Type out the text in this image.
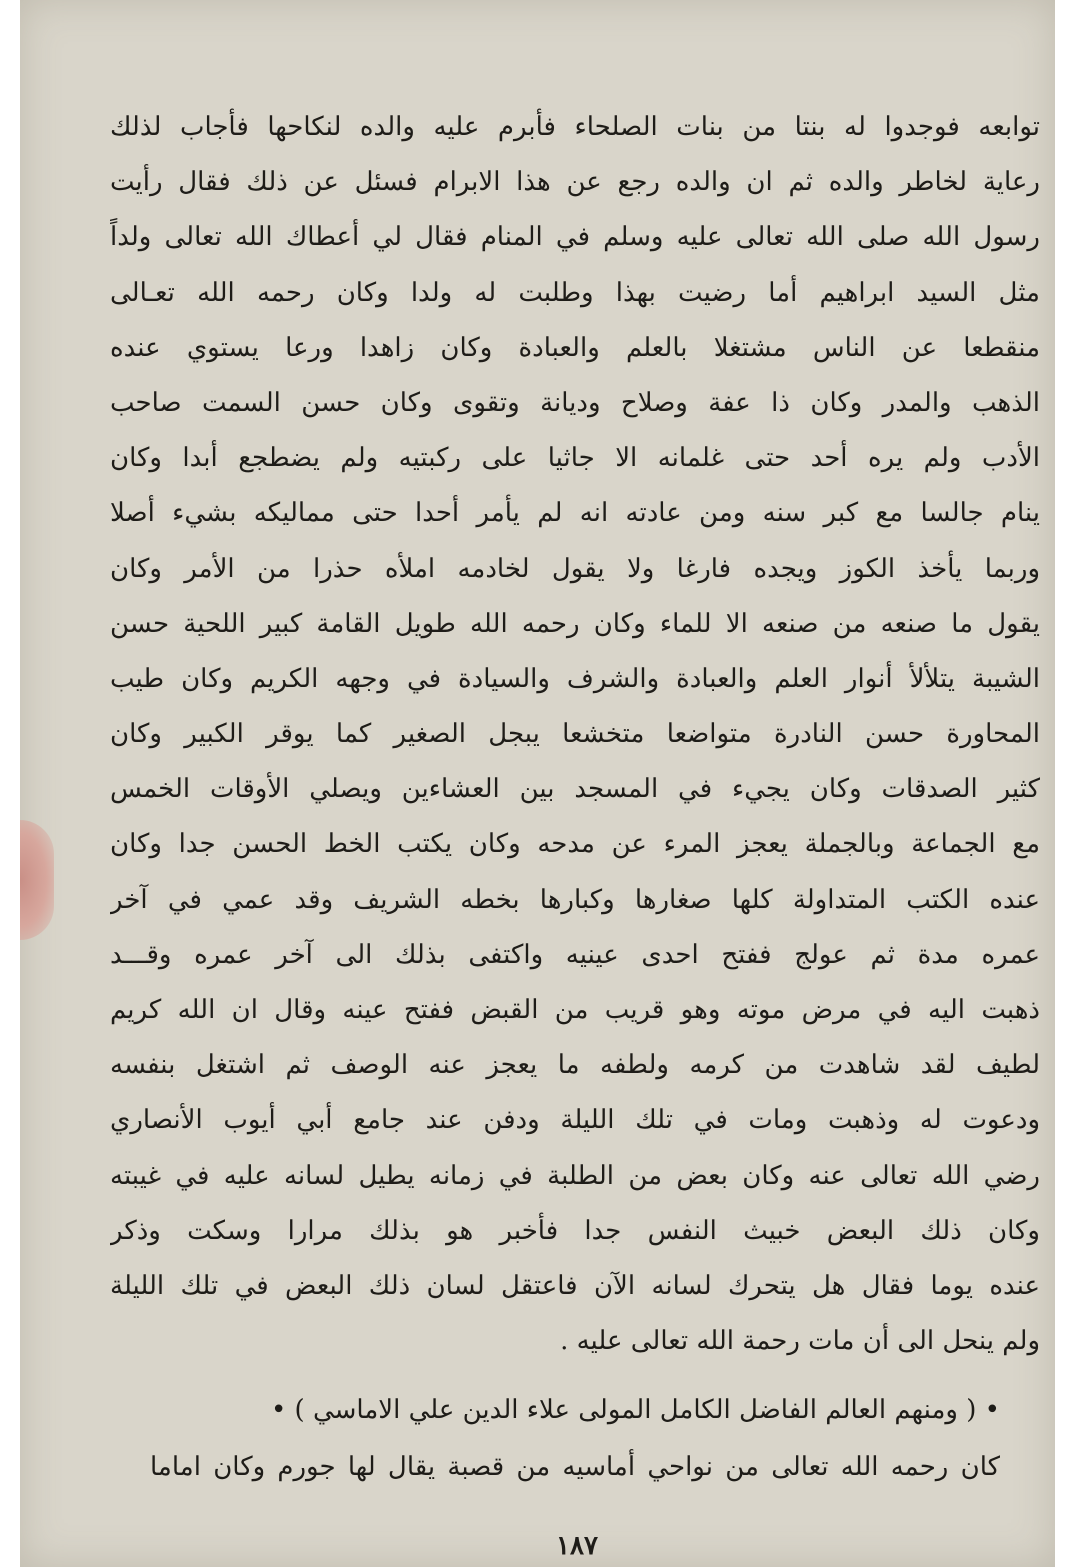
توابعه فوجدوا له بنتا من بنات الصلحاء فأبرم عليه والده لنكاحها فأجاب لذلك
رعاية لخاطر والده ثم ان والده رجع عن هذا الابرام فسئل عن ذلك فقال رأيت
رسول الله صلى الله تعالى عليه وسلم في المنام فقال لي أعطاك الله تعالى ولداً
مثل السيد ابراهيم أما رضيت بهذا وطلبت له ولدا وكان رحمه الله تعـالى
منقطعا عن الناس مشتغلا بالعلم والعبادة وكان زاهدا ورعا يستوي عنده
الذهب والمدر وكان ذا عفة وصلاح وديانة وتقوى وكان حسن السمت صاحب
الأدب ولم يره أحد حتى غلمانه الا جاثيا على ركبتيه ولم يضطجع أبدا وكان
ينام جالسا مع كبر سنه ومن عادته انه لم يأمر أحدا حتى مماليكه بشيء أصلا
وربما يأخذ الكوز ويجده فارغا ولا يقول لخادمه املأه حذرا من الأمر وكان
يقول ما صنعه من صنعه الا للماء وكان رحمه الله طويل القامة كبير اللحية حسن
الشيبة يتلألأ أنوار العلم والعبادة والشرف والسيادة في وجهه الكريم وكان طيب
المحاورة حسن النادرة متواضعا متخشعا يبجل الصغير كما يوقر الكبير وكان
كثير الصدقات وكان يجيء في المسجد بين العشاءين ويصلي الأوقات الخمس
مع الجماعة وبالجملة يعجز المرء عن مدحه وكان يكتب الخط الحسن جدا وكان
عنده الكتب المتداولة كلها صغارها وكبارها بخطه الشريف وقد عمي في آخر
عمره مدة ثم عولج ففتح احدى عينيه واكتفى بذلك الى آخر عمره وقـــد
ذهبت اليه في مرض موته وهو قريب من القبض ففتح عينه وقال ان الله كريم
لطيف لقد شاهدت من كرمه ولطفه ما يعجز عنه الوصف ثم اشتغل بنفسه
ودعوت له وذهبت ومات في تلك الليلة ودفن عند جامع أبي أيوب الأنصاري
رضي الله تعالى عنه وكان بعض من الطلبة في زمانه يطيل لسانه عليه في غيبته
وكان ذلك البعض خبيث النفس جدا فأخبر هو بذلك مرارا وسكت وذكر
عنده يوما فقال هل يتحرك لسانه الآن فاعتقل لسان ذلك البعض في تلك الليلة
ولم ينحل الى أن مات رحمة الله تعالى عليه .
• ( ومنهم العالم الفاضل الكامل المولى علاء الدين علي الاماسي ) •
كان رحمه الله تعالى من نواحي أماسيه من قصبة يقال لها جورم وكان اماما
١٨٧
